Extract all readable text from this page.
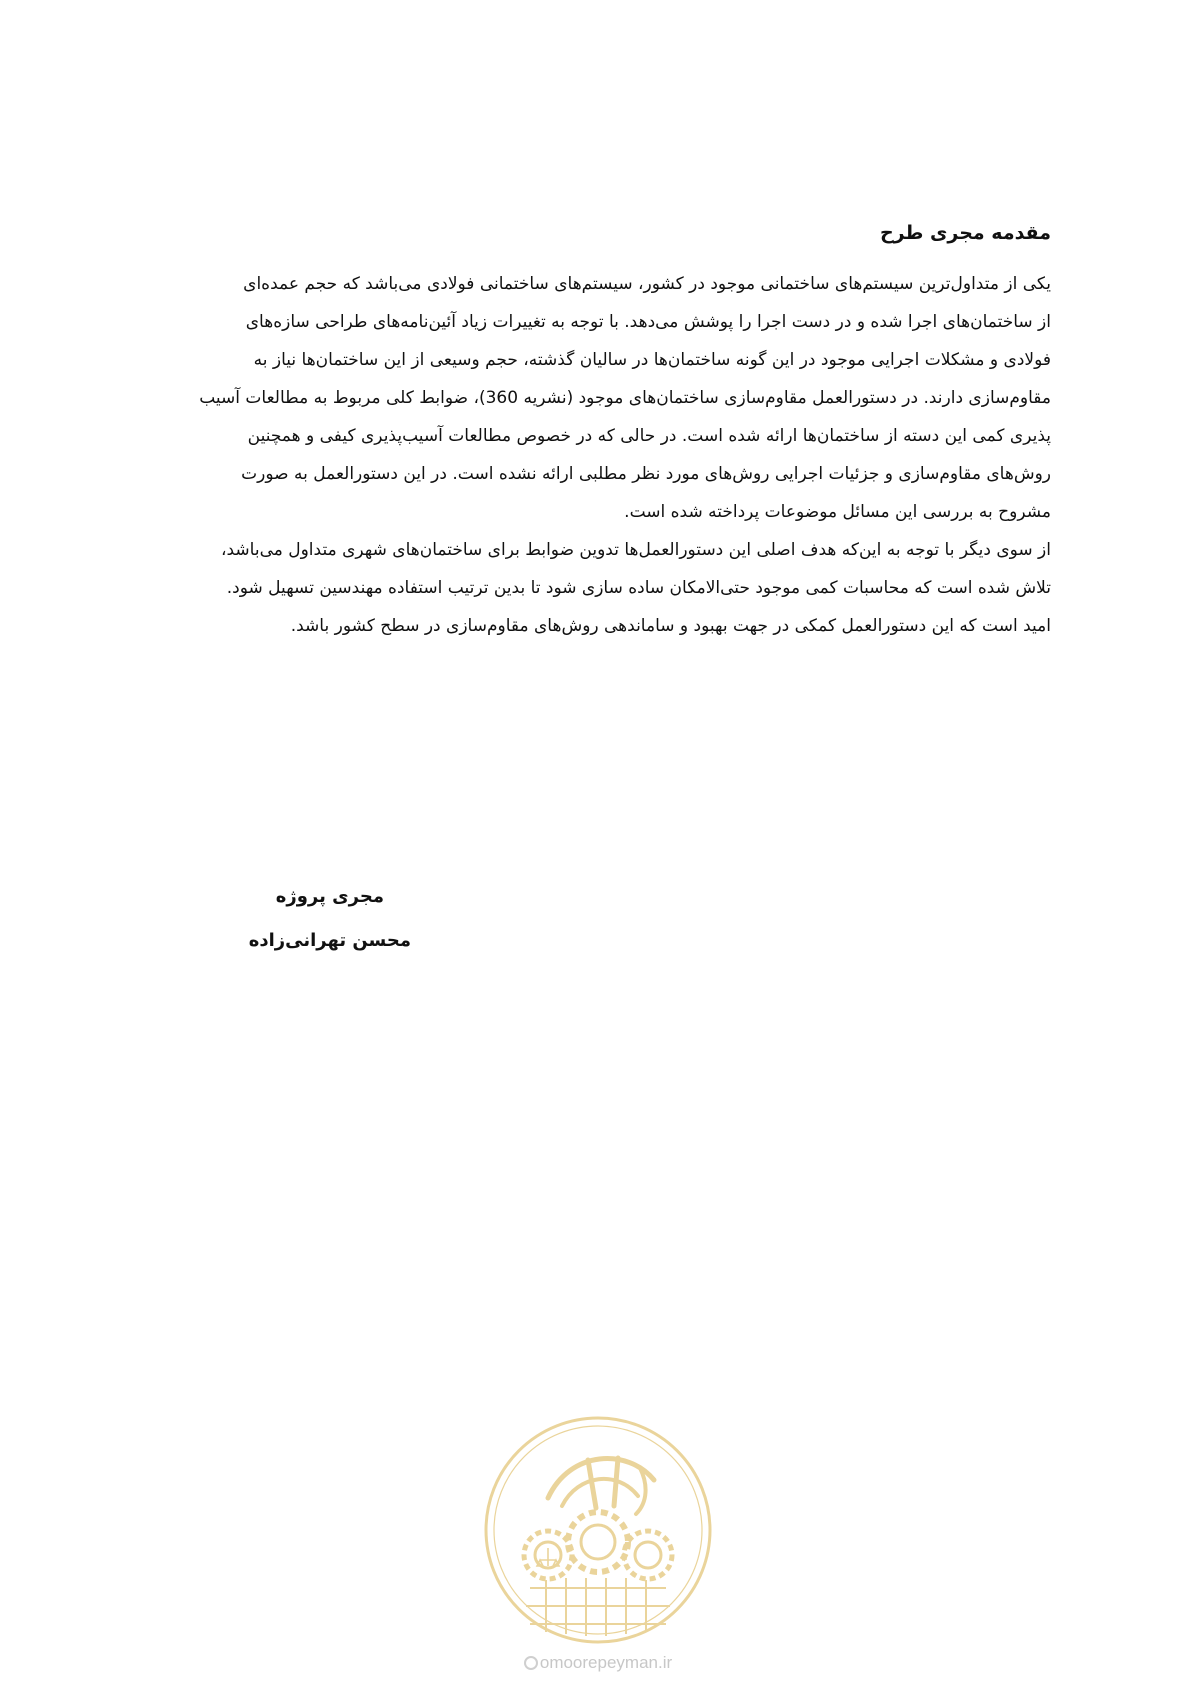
مقدمه مجری طرح

یکی از متداول‌ترین سیستم‌های ساختمانی موجود در کشور، سیستم‌های ساختمانی فولادی می‌باشد که حجم عمده‌ای
از ساختمان‌های اجرا شده و در دست اجرا را پوشش می‌دهد. با توجه به تغییرات زیاد آئین‌نامه‌های طراحی سازه‌های
فولادی و مشکلات اجرایی موجود در این گونه ساختمان‌ها در سالیان گذشته، حجم وسیعی از این ساختمان‌ها نیاز به
مقاوم‌سازی دارند. در دستورالعمل مقاوم‌سازی ساختمان‌های موجود (نشریه 360)، ضوابط کلی مربوط به مطالعات آسیب
پذیری کمی این دسته از ساختمان‌ها ارائه شده است. در حالی که در خصوص مطالعات آسیب‌پذیری کیفی و همچنین
روش‌های مقاوم‌سازی و جزئیات اجرایی روش‌های مورد نظر مطلبی ارائه نشده است. در این دستورالعمل به صورت
مشروح به بررسی این مسائل موضوعات پرداخته شده است.

از سوی دیگر با توجه به این‌که هدف اصلی این دستورالعمل‌ها تدوین ضوابط برای ساختمان‌های شهری متداول می‌باشد،
تلاش شده است که محاسبات کمی موجود حتی‌الامکان ساده سازی شود تا بدین ترتیب استفاده مهندسین تسهیل شود.
امید است که این دستورالعمل کمکی در جهت بهبود و ساماندهی روش‌های مقاوم‌سازی در سطح کشور باشد.

مجری پروژه
محسن تهرانی‌زاده
omoorepeyman.ir
